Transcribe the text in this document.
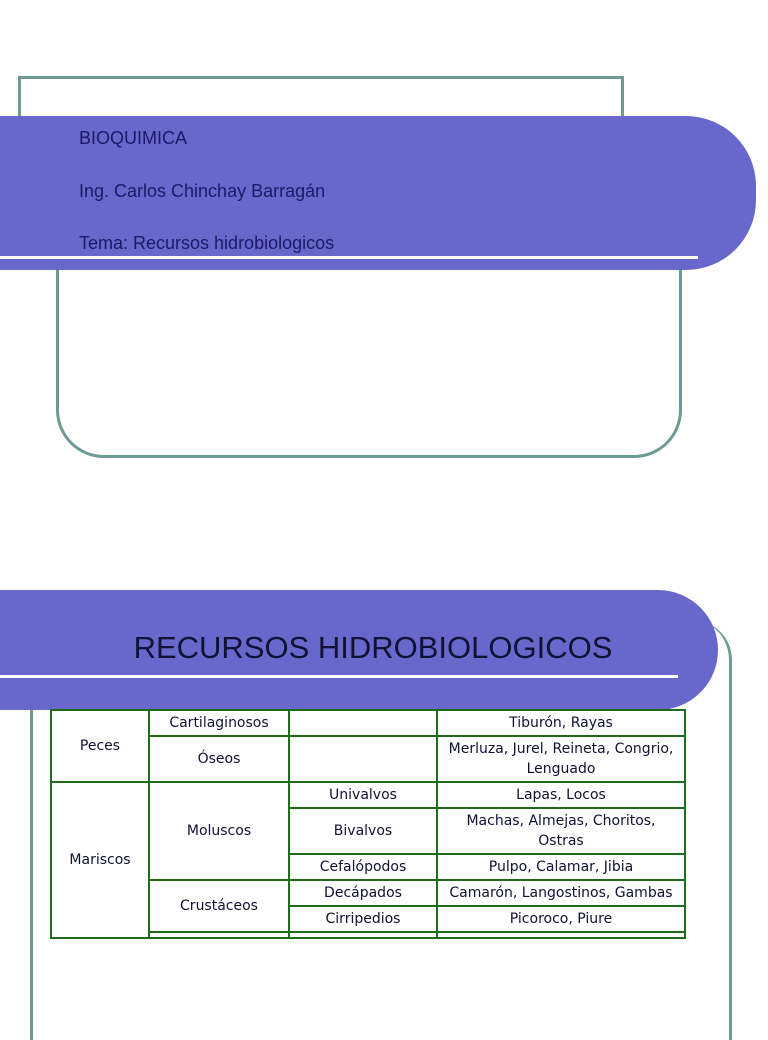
BIOQUIMICA
Ing. Carlos Chinchay Barragán
Tema: Recursos hidrobiologicos
RECURSOS HIDROBIOLOGICOS
Peces	Cartilaginosos		Tiburón, Rayas
	Óseos		Merluza, Jurel, Reineta, Congrio, Lenguado
Mariscos	Moluscos	Univalvos	Lapas, Locos
		Bivalvos	Machas, Almejas, Choritos, Ostras
		Cefalópodos	Pulpo, Calamar, Jibia
	Crustáceos	Decápados	Camarón, Langostinos, Gambas
		Cirripedios	Picoroco, Piure
